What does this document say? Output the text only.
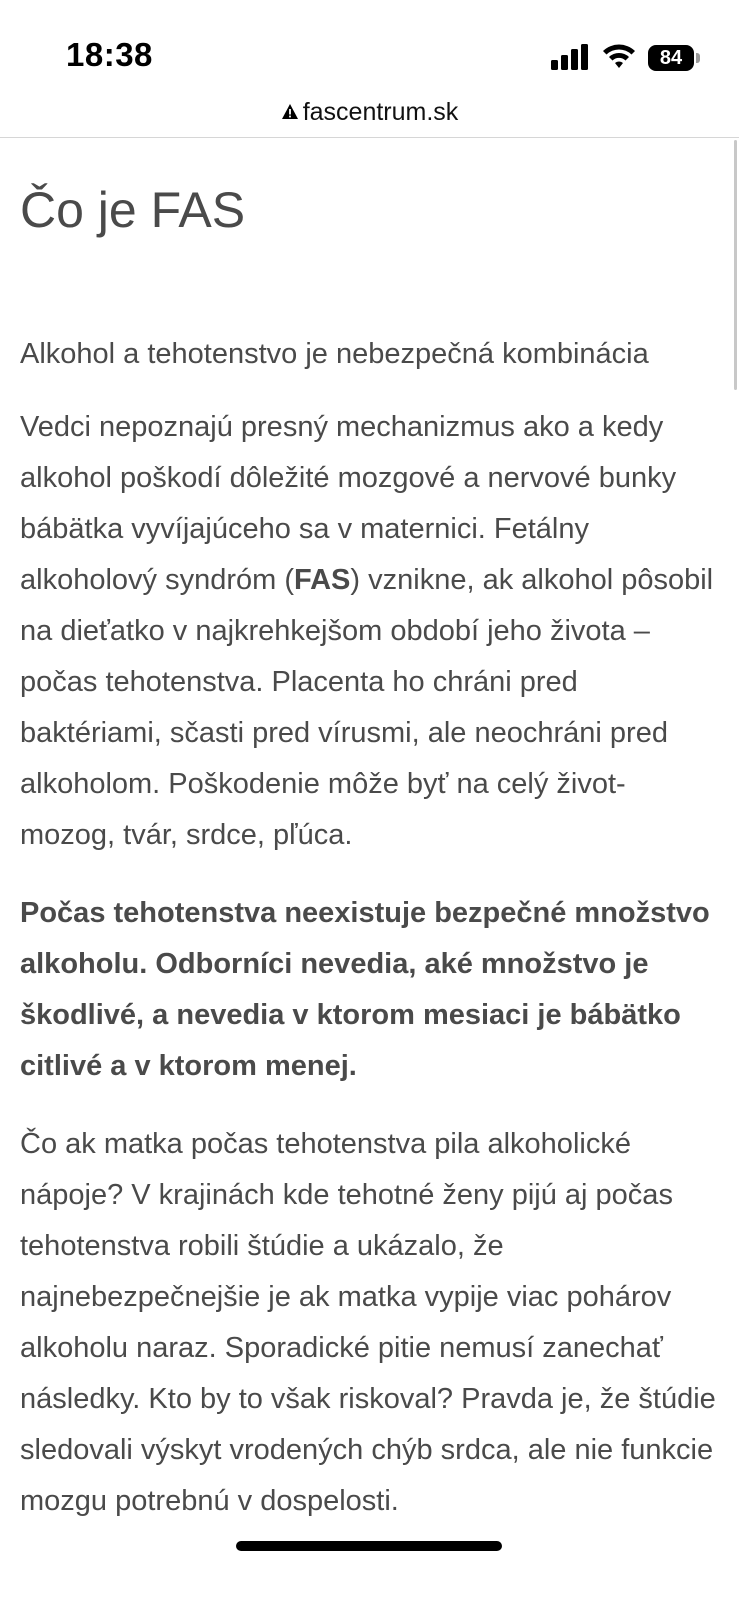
18:38	84
fascentrum.sk
Čo je FAS

Alkohol a tehotenstvo je nebezpečná kombinácia

Vedci nepoznajú presný mechanizmus ako a kedy alkohol poškodí dôležité mozgové a nervové bunky bábätka vyvíjajúceho sa v maternici. Fetálny alkoholový syndróm (FAS) vznikne, ak alkohol pôsobil na dieťatko v najkrehkejšom období jeho života – počas tehotenstva. Placenta ho chráni pred baktériami, sčasti pred vírusmi, ale neochráni pred alkoholom. Poškodenie môže byť na celý život- mozog, tvár, srdce, pľúca.

Počas tehotenstva neexistuje bezpečné množstvo alkoholu. Odborníci nevedia, aké množstvo je škodlivé, a nevedia v ktorom mesiaci je bábätko citlivé a v ktorom menej.

Čo ak matka počas tehotenstva pila alkoholické nápoje? V krajinách kde tehotné ženy pijú aj počas tehotenstva robili štúdie a ukázalo, že najnebezpečnejšie je ak matka vypije viac pohárov alkoholu naraz. Sporadické pitie nemusí zanechať následky. Kto by to však riskoval? Pravda je, že štúdie sledovali výskyt vrodených chýb srdca, ale nie funkcie mozgu potrebnú v dospelosti.
